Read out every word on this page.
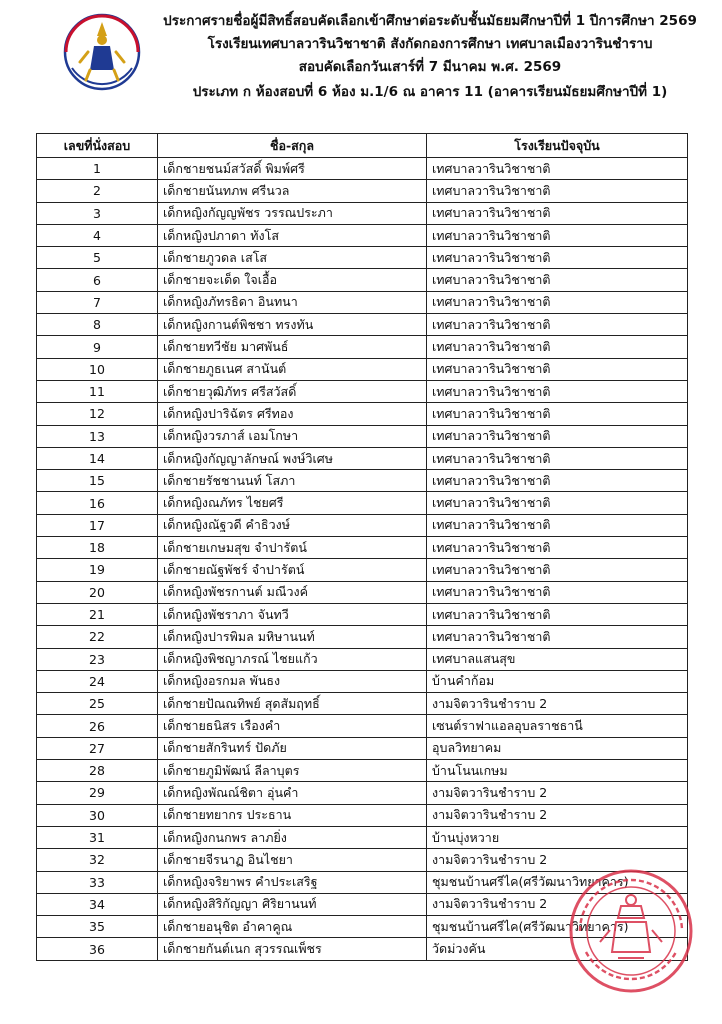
ประกาศรายชื่อผู้มีสิทธิ์สอบคัดเลือกเข้าศึกษาต่อระดับชั้นมัธยมศึกษาปีที่ 1 ปีการศึกษา 2569
โรงเรียนเทศบาลวารินวิชาชาติ สังกัดกองการศึกษา เทศบาลเมืองวารินชำราบ
สอบคัดเลือกวันเสาร์ที่ 7 มีนาคม พ.ศ. 2569
ประเภท ก ห้องสอบที่ 6 ห้อง ม.1/6 ณ อาคาร 11 (อาคารเรียนมัธยมศึกษาปีที่ 1)
เลขที่นั่งสอบ	ชื่อ-สกุล	โรงเรียนปัจจุบัน
1	เด็กชายชนม์สวัสดิ์ พิมพ์ศรี	เทศบาลวารินวิชาชาติ
2	เด็กชายนันทภพ ศรีนวล	เทศบาลวารินวิชาชาติ
3	เด็กหญิงกัญญพัชร วรรณประภา	เทศบาลวารินวิชาชาติ
4	เด็กหญิงปภาดา ทังโส	เทศบาลวารินวิชาชาติ
5	เด็กชายภูวดล เสโส	เทศบาลวารินวิชาชาติ
6	เด็กชายจะเด็ด ใจเอื้อ	เทศบาลวารินวิชาชาติ
7	เด็กหญิงภัทรธิดา อินทนา	เทศบาลวารินวิชาชาติ
8	เด็กหญิงกานต์พิชชา ทรงทัน	เทศบาลวารินวิชาชาติ
9	เด็กชายทวีชัย มาศพันธ์	เทศบาลวารินวิชาชาติ
10	เด็กชายภูธเนศ สานันต์	เทศบาลวารินวิชาชาติ
11	เด็กชายวุฒิภัทร ศรีสวัสดิ์	เทศบาลวารินวิชาชาติ
12	เด็กหญิงปาริฉัตร ศรีทอง	เทศบาลวารินวิชาชาติ
13	เด็กหญิงวรภาส์ เอมโกษา	เทศบาลวารินวิชาชาติ
14	เด็กหญิงกัญญาลักษณ์ พงษ์วิเศษ	เทศบาลวารินวิชาชาติ
15	เด็กชายรัชชานนท์ โสภา	เทศบาลวารินวิชาชาติ
16	เด็กหญิงณภัทร ไชยศรี	เทศบาลวารินวิชาชาติ
17	เด็กหญิงณัฐวดี คำธิวงษ์	เทศบาลวารินวิชาชาติ
18	เด็กชายเกษมสุข จำปารัตน์	เทศบาลวารินวิชาชาติ
19	เด็กชายณัฐพัชร์ จำปารัตน์	เทศบาลวารินวิชาชาติ
20	เด็กหญิงพัชรกานต์ มณีวงค์	เทศบาลวารินวิชาชาติ
21	เด็กหญิงพัชราภา จันทวี	เทศบาลวารินวิชาชาติ
22	เด็กหญิงปารพิมล มหิษานนท์	เทศบาลวารินวิชาชาติ
23	เด็กหญิงพิชญาภรณ์ ไชยแก้ว	เทศบาลแสนสุข
24	เด็กหญิงอรกมล พันธง	บ้านคำก้อม
25	เด็กชายปัณณทิพย์ สุดสัมฤทธิ์	งามจิตวารินชำราบ 2
26	เด็กชายธนิสร เรืองคำ	เซนต์ราฟาแอลอุบลราชธานี
27	เด็กชายสักรินทร์ ปัดภัย	อุบลวิทยาคม
28	เด็กชายภูมิพัฒน์ ลีลาบุตร	บ้านโนนเกษม
29	เด็กหญิงพัณณ์ชิตา อุ่นคำ	งามจิตวารินชำราบ 2
30	เด็กชายทยากร ประธาน	งามจิตวารินชำราบ 2
31	เด็กหญิงกนกพร ลาภยิ่ง	บ้านบุ่งหวาย
32	เด็กชายจีรนาฏ อินไชยา	งามจิตวารินชำราบ 2
33	เด็กหญิงจริยาพร คำประเสริฐ	ชุมชนบ้านศรีไค(ศรีวัฒนาวิทยาคาร)
34	เด็กหญิงสิริกัญญา ศิริยานนท์	งามจิตวารินชำราบ 2
35	เด็กชายอนุชิต อำคาคูณ	ชุมชนบ้านศรีไค(ศรีวัฒนาวิทยาคาร)
36	เด็กชายกันต์เนก สุวรรณเพ็ชร	วัดม่วงคัน
